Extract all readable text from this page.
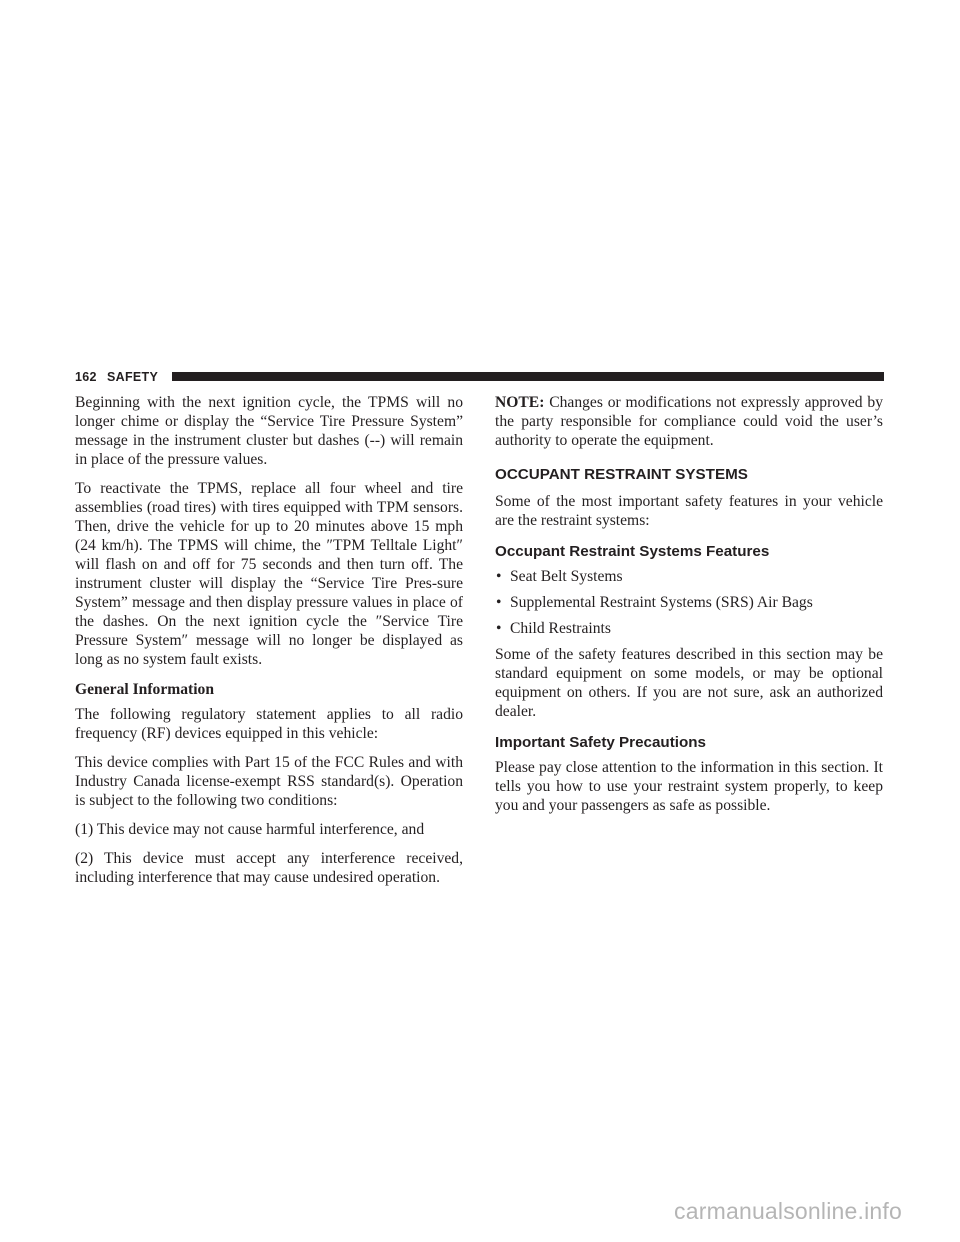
162 SAFETY

Beginning with the next ignition cycle, the TPMS will no longer chime or display the “Service Tire Pressure System” message in the instrument cluster but dashes (--) will remain in place of the pressure values.

To reactivate the TPMS, replace all four wheel and tire assemblies (road tires) with tires equipped with TPM sensors. Then, drive the vehicle for up to 20 minutes above 15 mph (24 km/h). The TPMS will chime, the ″TPM Telltale Light″ will flash on and off for 75 seconds and then turn off. The instrument cluster will display the “Service Tire Pres-sure System” message and then display pressure values in place of the dashes. On the next ignition cycle the ″Service Tire Pressure System″ message will no longer be displayed as long as no system fault exists.

General Information

The following regulatory statement applies to all radio frequency (RF) devices equipped in this vehicle:

This device complies with Part 15 of the FCC Rules and with Industry Canada license-exempt RSS standard(s). Operation is subject to the following two conditions:

(1) This device may not cause harmful interference, and

(2) This device must accept any interference received, including interference that may cause undesired operation.

NOTE: Changes or modifications not expressly approved by the party responsible for compliance could void the user’s authority to operate the equipment.

OCCUPANT RESTRAINT SYSTEMS

Some of the most important safety features in your vehicle are the restraint systems:

Occupant Restraint Systems Features
• Seat Belt Systems
• Supplemental Restraint Systems (SRS) Air Bags
• Child Restraints

Some of the safety features described in this section may be standard equipment on some models, or may be optional equipment on others. If you are not sure, ask an authorized dealer.

Important Safety Precautions

Please pay close attention to the information in this section. It tells you how to use your restraint system properly, to keep you and your passengers as safe as possible.

carmanualsonline.info
